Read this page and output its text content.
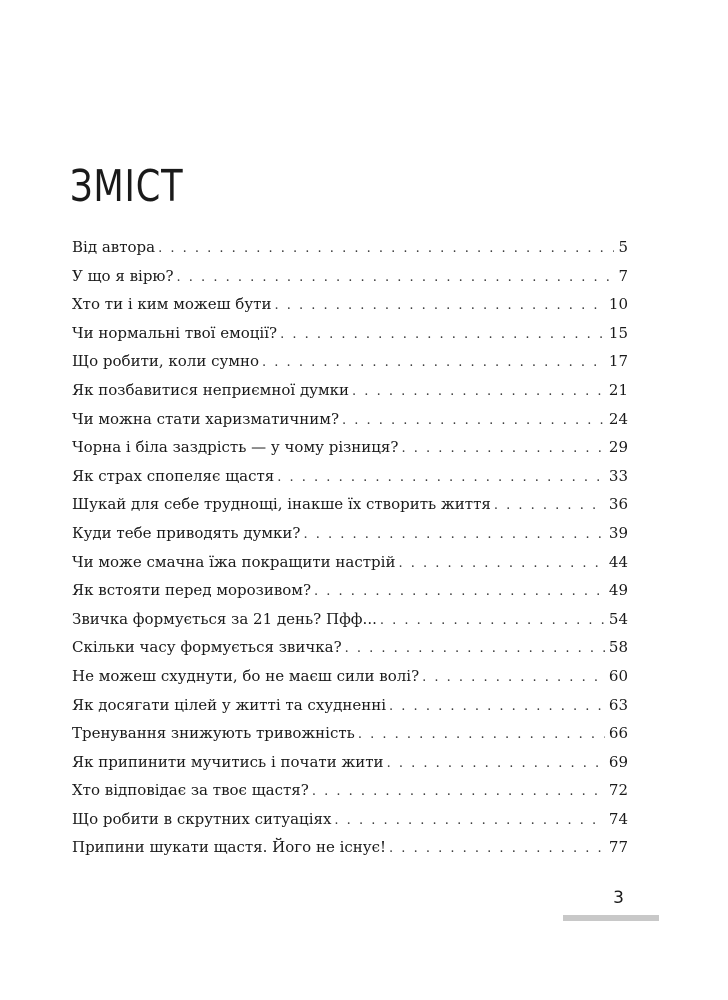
ЗМІСТ
Від автора . . .	5
У що я вірю? . . .	7
Хто ти і ким можеш бути . . .	10
Чи нормальні твої емоції? . . .	15
Що робити, коли сумно . . .	17
Як позбавитися неприємної думки . . .	21
Чи можна стати харизматичним? . . .	24
Чорна і біла заздрість — у чому різниця? . . .	29
Як страх спопеляє щастя . . .	33
Шукай для себе труднощі, інакше їх створить життя . . .	36
Куди тебе приводять думки? . . .	39
Чи може смачна їжа покращити настрій . . .	44
Як встояти перед морозивом? . . .	49
Звичка формується за 21 день? Пфф... . . .	54
Скільки часу формується звичка? . . .	58
Не можеш схуднути, бо не маєш сили волі? . . .	60
Як досягати цілей у житті та схудненні . . .	63
Тренування знижують тривожність . . .	66
Як припинити мучитись і почати жити . . .	69
Хто відповідає за твоє щастя? . . .	72
Що робити в скрутних ситуаціях . . .	74
Припини шукати щастя. Його не існує! . . .	77
3
